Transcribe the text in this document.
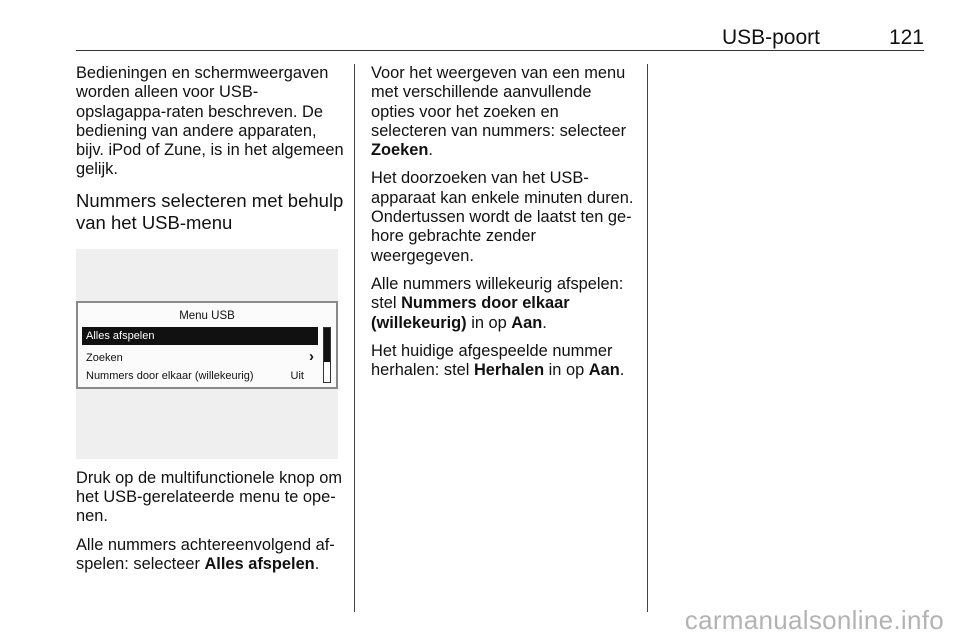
USB-poort	121

Bedieningen en schermweergaven worden alleen voor USB-opslagappa-raten beschreven. De bediening van andere apparaten, bijv. iPod of Zune, is in het algemeen gelijk.

Nummers selecteren met behulp van het USB-menu
Menu USB
Alles afspelen
Zoeken	›
Nummers door elkaar (willekeurig)	Uit

Druk op de multifunctionele knop om het USB-gerelateerde menu te ope-nen.

Alle nummers achtereenvolgend af-spelen: selecteer Alles afspelen.

Voor het weergeven van een menu met verschillende aanvullende opties voor het zoeken en selecteren van nummers: selecteer Zoeken.

Het doorzoeken van het USB-apparaat kan enkele minuten duren. Ondertussen wordt de laatst ten ge-hore gebrachte zender weergegeven.

Alle nummers willekeurig afspelen: stel Nummers door elkaar (willekeurig) in op Aan.

Het huidige afgespeelde nummer herhalen: stel Herhalen in op Aan.

carmanualsonline.info
